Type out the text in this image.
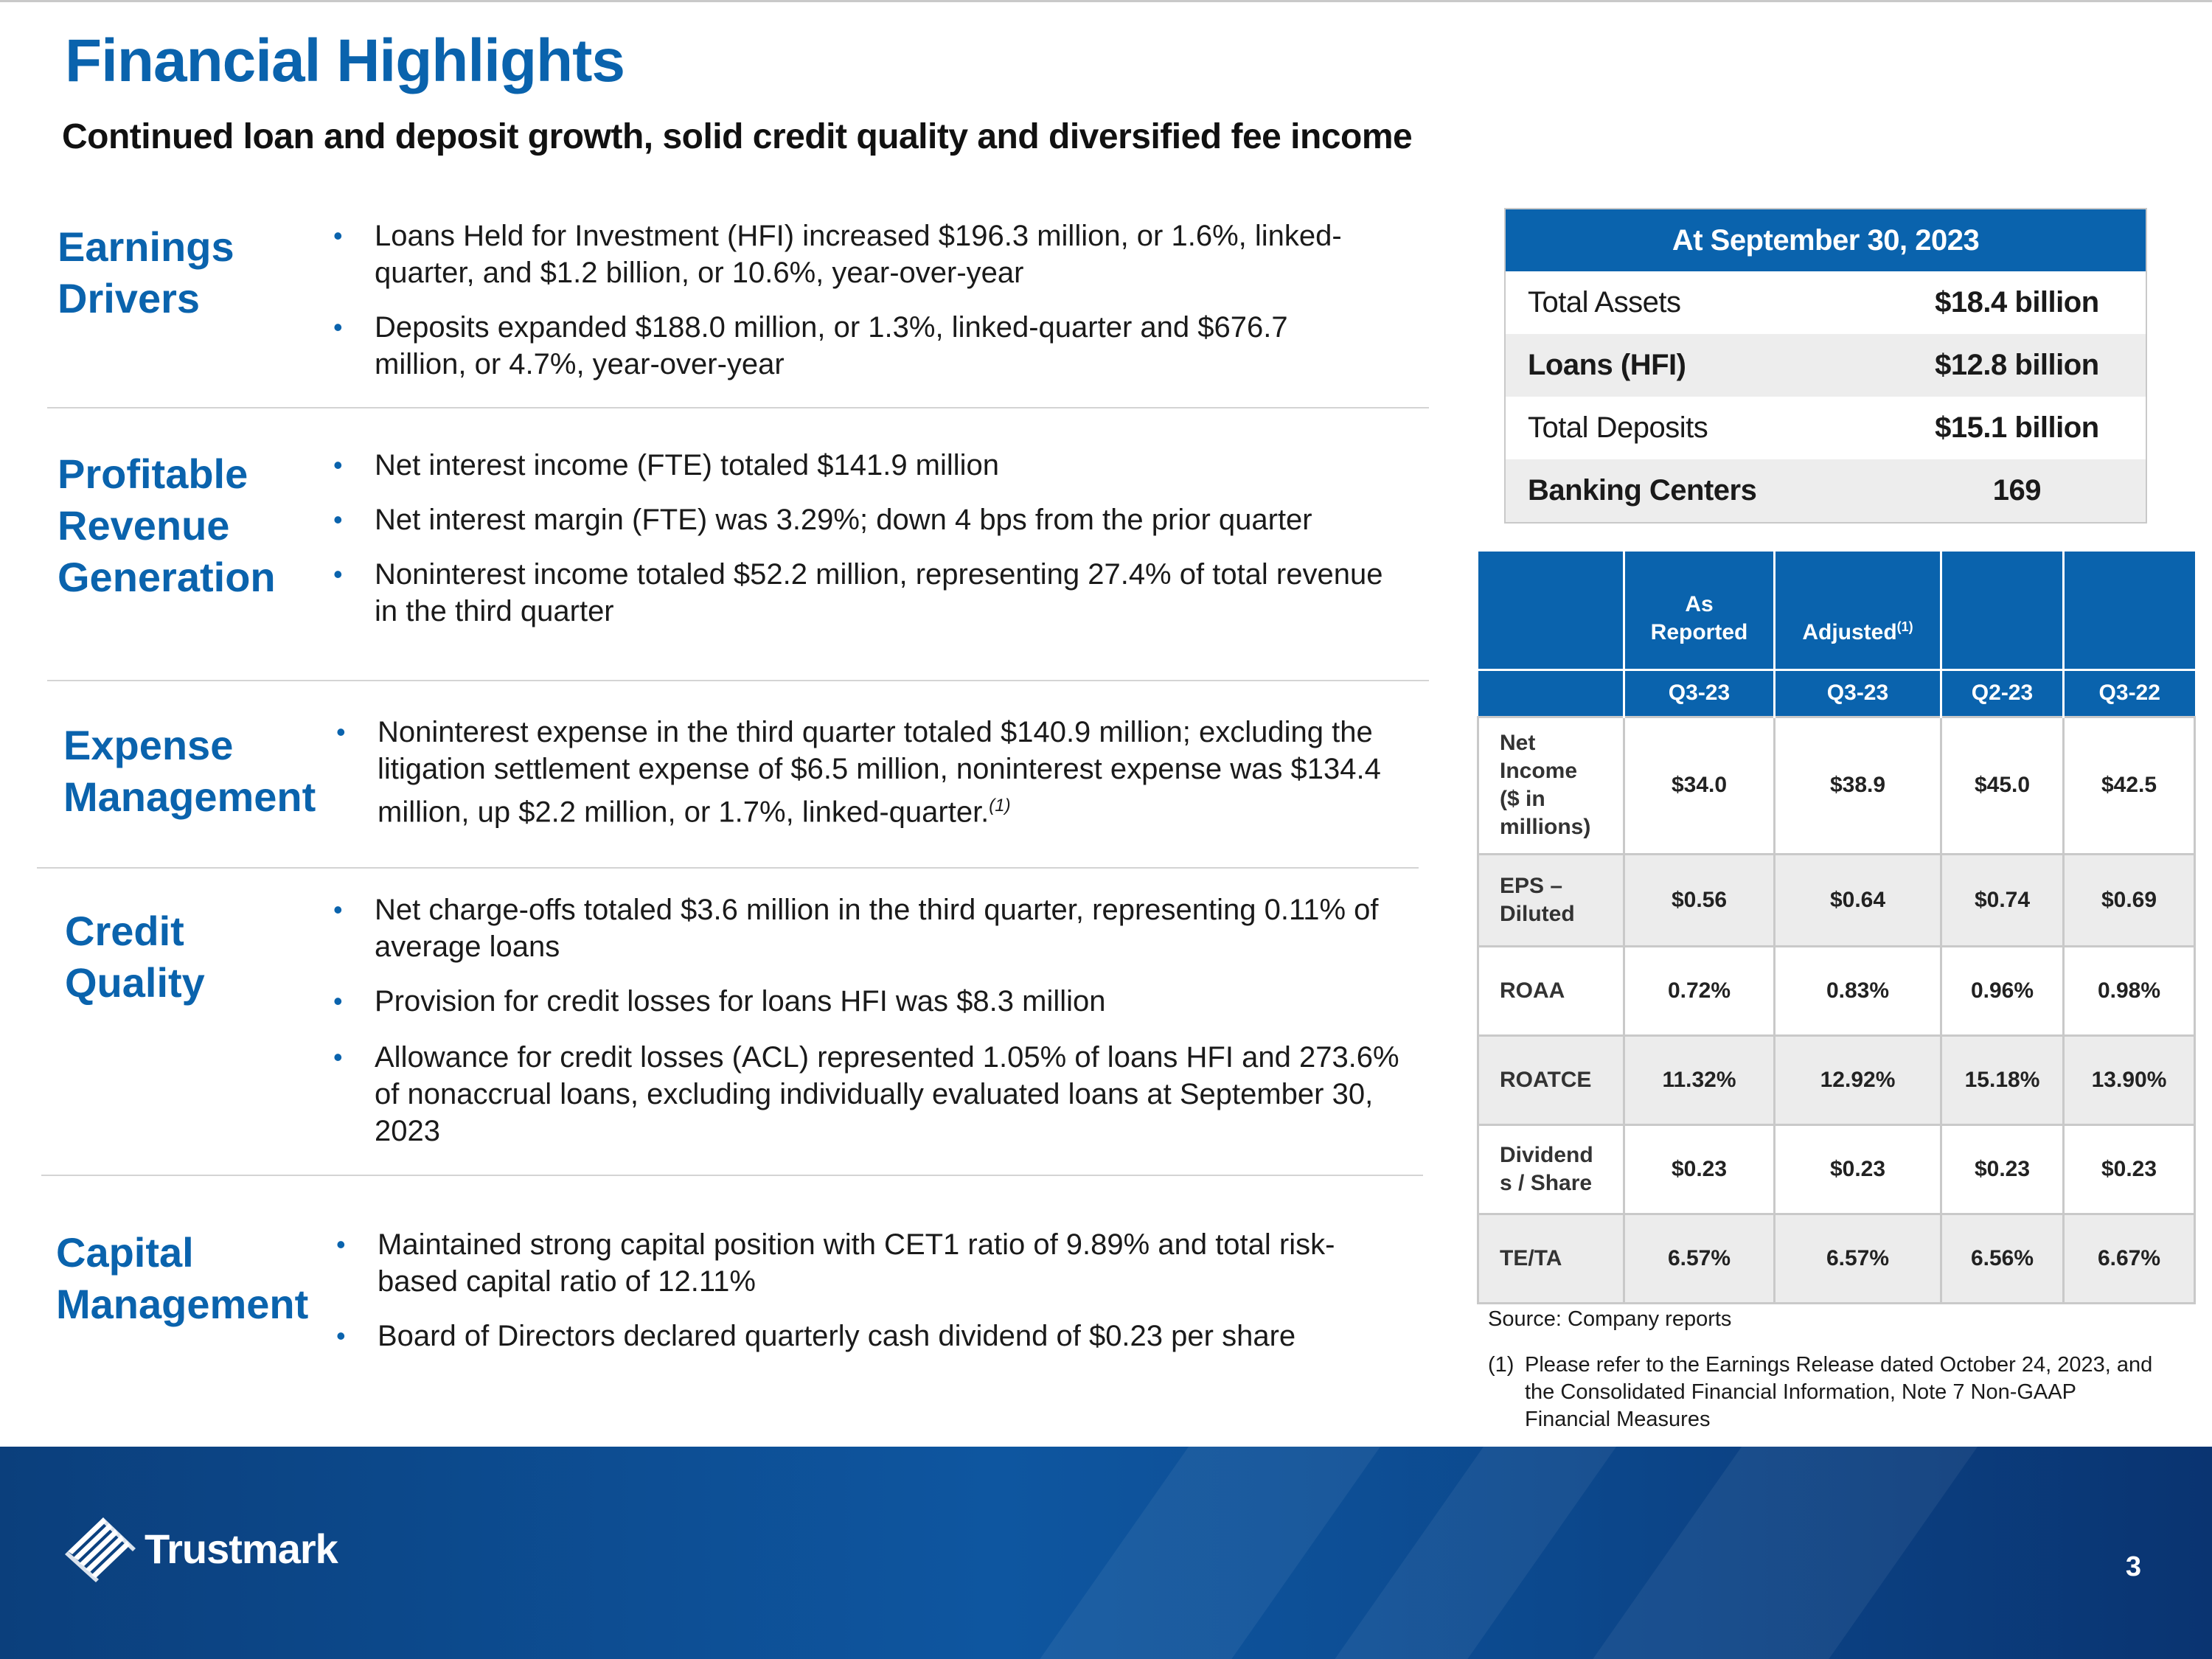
Financial Highlights
Continued loan and deposit growth, solid credit quality and diversified fee income
Earnings
Drivers
• Loans Held for Investment (HFI) increased $196.3 million, or 1.6%, linked-
quarter, and $1.2 billion, or 10.6%, year-over-year
• Deposits expanded $188.0 million, or 1.3%, linked-quarter and $676.7
million, or 4.7%, year-over-year
Profitable
Revenue
Generation
• Net interest income (FTE) totaled $141.9 million
• Net interest margin (FTE) was 3.29%; down 4 bps from the prior quarter
• Noninterest income totaled $52.2 million, representing 27.4% of total revenue
in the third quarter
Expense
Management
• Noninterest expense in the third quarter totaled $140.9 million; excluding the
litigation settlement expense of $6.5 million, noninterest expense was $134.4
million, up $2.2 million, or 1.7%, linked-quarter.$^{(1)}$
Credit
Quality
• Net charge-offs totaled $3.6 million in the third quarter, representing 0.11% of
average loans
• Provision for credit losses for loans HFI was $8.3 million
• Allowance for credit losses (ACL) represented 1.05% of loans HFI and 273.6%
of nonaccrual loans, excluding individually evaluated loans at September 30,
2023
Capital
Management
• Maintained strong capital position with CET1 ratio of 9.89% and total risk-
based capital ratio of 12.11%
• Board of Directors declared quarterly cash dividend of $0.23 per share
At September 30, 2023
Total Assets	$18.4 billion
Loans (HFI)	$12.8 billion
Total Deposits	$15.1 billion
Banking Centers	169
	As
Reported	Adjusted$^{(1)}$		
	Q3-23	Q3-23	Q2-23	Q3-22
Net
Income
($ in
millions)	$34.0	$38.9	$45.0	$42.5
EPS –
Diluted	$0.56	$0.64	$0.74	$0.69
ROAA	0.72%	0.83%	0.96%	0.98%
ROATCE	11.32%	12.92%	15.18%	13.90%
Dividend
s / Share	$0.23	$0.23	$0.23	$0.23
TE/TA	6.57%	6.57%	6.56%	6.67%
Source: Company reports
(1) Please refer to the Earnings Release dated October 24, 2023, and
the Consolidated Financial Information, Note 7 Non-GAAP
Financial Measures
Trustmark	3
